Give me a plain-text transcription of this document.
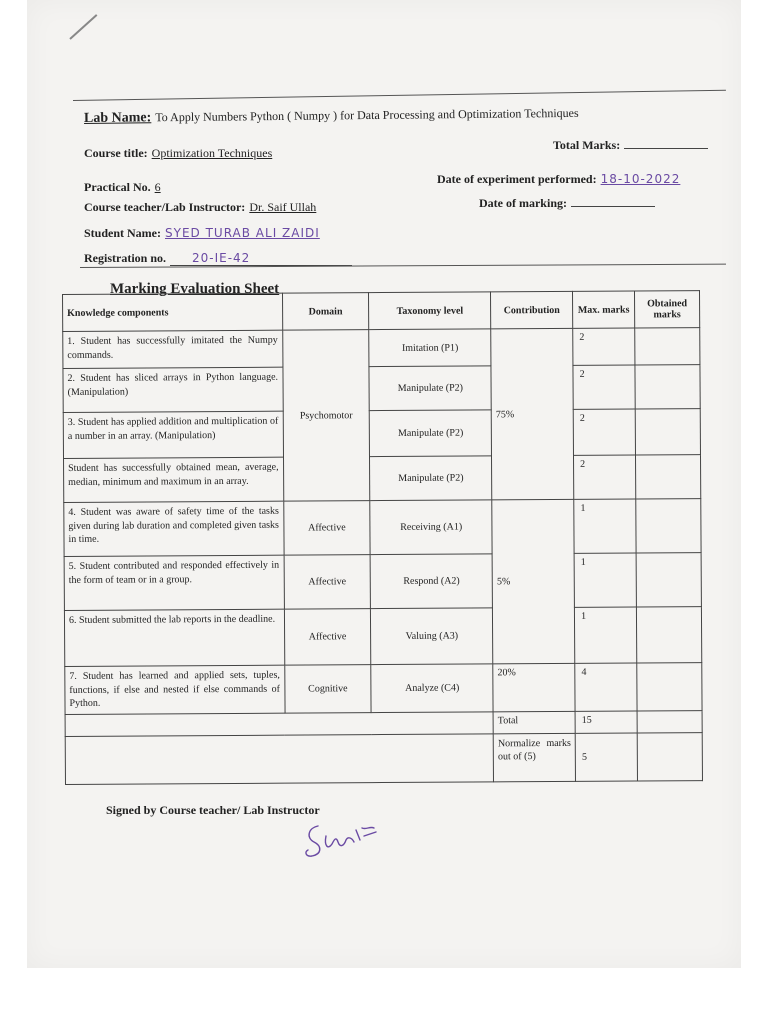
Lab Name: To Apply Numbers Python ( Numpy ) for Data Processing and Optimization Techniques
Course title: Optimization Techniques
Total Marks:
Practical No. 6
Date of experiment performed: 18-10-2022
Course teacher/Lab Instructor: Dr. Saif Ullah	Date of marking:
Student Name: SYED TURAB ALI ZAIDI
Registration no. 20-IE-42
Marking Evaluation Sheet
Knowledge components	Domain	Taxonomy level	Contribution	Max. marks	Obtained marks
1. Student has successfully imitated the Numpy commands.	Psychomotor	Imitation (P1)	75%	2	
2. Student has sliced arrays in Python language. (Manipulation)		Manipulate (P2)		2	
3. Student has applied addition and multiplication of a number in an array. (Manipulation)		Manipulate (P2)		2	
Student has successfully obtained mean, average, median, minimum and maximum in an array.		Manipulate (P2)		2	
4. Student was aware of safety time of the tasks given during lab duration and completed given tasks in time.	Affective	Receiving (A1)	5%	1	
5. Student contributed and responded effectively in the form of team or in a group.	Affective	Respond (A2)		1	
6. Student submitted the lab reports in the deadline.	Affective	Valuing (A3)		1	
7. Student has learned and applied sets, tuples, functions, if else and nested if else commands of Python.	Cognitive	Analyze (C4)	20%	4	
			Total	15	
			Normalize marks out of (5)	5	
Signed by Course teacher/ Lab Instructor
